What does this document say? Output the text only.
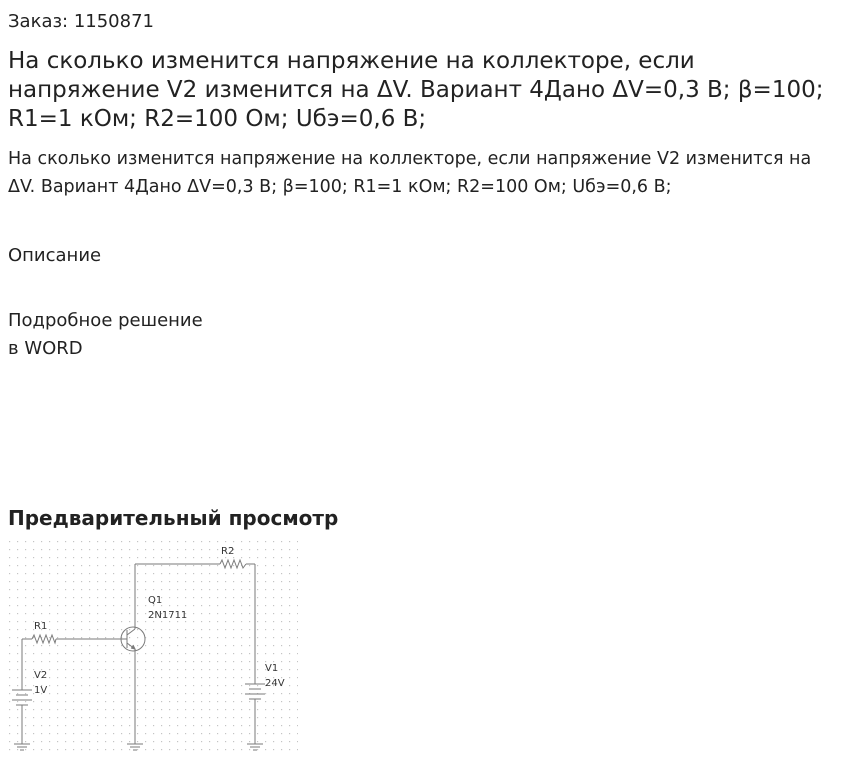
Заказ: 1150871
На сколько изменится напряжение на коллекторе, если напряжение V2 изменится на ΔV. Вариант 4Дано ΔV=0,3 В; β=100; R1=1 кОм; R2=100 Ом; Uбэ=0,6 В;

На сколько изменится напряжение на коллекторе, если напряжение V2 изменится на ΔV. Вариант 4Дано ΔV=0,3 В; β=100; R1=1 кОм; R2=100 Ом; Uбэ=0,6 В;

Описание
Подробное решение
в WORD
Предварительный просмотр
R2
Q1
2N1711
R1
V1
24V
V2
1V
